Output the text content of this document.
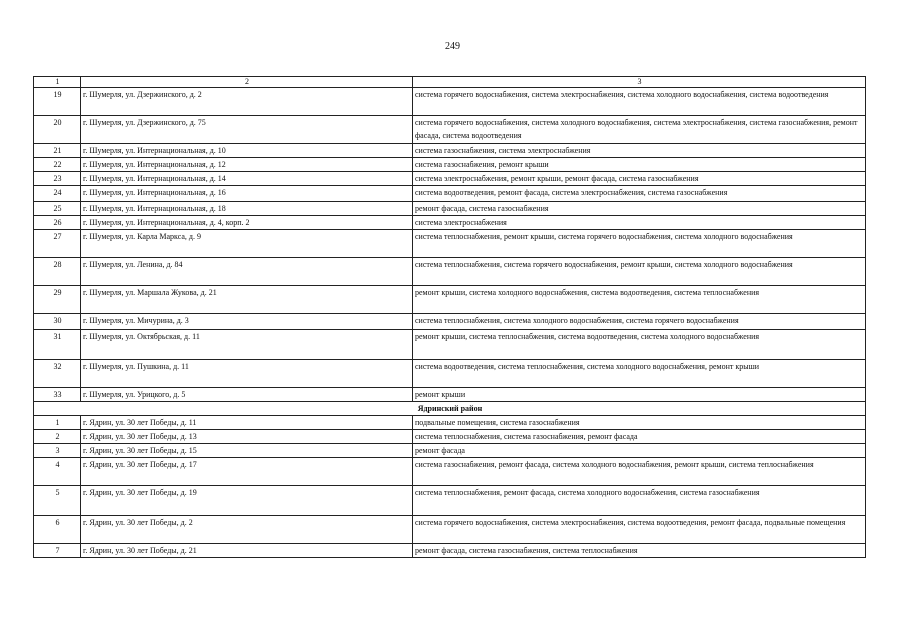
249
1	2	3
19	г. Шумерля, ул. Дзержинского, д. 2	система горячего водоснабжения, система электроснабжения, система холодного водоснабжения, система водоотведения
20	г. Шумерля, ул. Дзержинского, д. 75	система горячего водоснабжения, система холодного водоснабжения, система электроснабжения, система газоснабжения, ремонт фасада, система водоотведения
21	г. Шумерля, ул. Интернациональная, д. 10	система газоснабжения, система электроснабжения
22	г. Шумерля, ул. Интернациональная, д. 12	система газоснабжения, ремонт крыши
23	г. Шумерля, ул. Интернациональная, д. 14	система электроснабжения, ремонт крыши, ремонт фасада, система газоснабжения
24	г. Шумерля, ул. Интернациональная, д. 16	система водоотведения, ремонт фасада, система электроснабжения, система газоснабжения
25	г. Шумерля, ул. Интернациональная, д. 18	ремонт фасада, система газоснабжения
26	г. Шумерля, ул. Интернациональная, д. 4, корп. 2	система электроснабжения
27	г. Шумерля, ул. Карла Маркса, д. 9	система теплоснабжения, ремонт крыши, система горячего водоснабжения, система холодного водоснабжения
28	г. Шумерля, ул. Ленина, д. 84	система теплоснабжения, система горячего водоснабжения, ремонт крыши, система холодного водоснабжения
29	г. Шумерля, ул. Маршала Жукова, д. 21	ремонт крыши, система холодного водоснабжения, система водоотведения, система теплоснабжения
30	г. Шумерля, ул. Мичурина, д. 3	система теплоснабжения, система холодного водоснабжения, система горячего водоснабжения
31	г. Шумерля, ул. Октябрьская, д. 11	ремонт крыши, система теплоснабжения, система водоотведения, система холодного водоснабжения
32	г. Шумерля, ул. Пушкина, д. 11	система водоотведения, система теплоснабжения, система холодного водоснабжения, ремонт крыши
33	г. Шумерля, ул. Урицкого, д. 5	ремонт крыши
Ядринский район		
1	г. Ядрин, ул. 30 лет Победы, д. 11	подвальные помещения, система газоснабжения
2	г. Ядрин, ул. 30 лет Победы, д. 13	система теплоснабжения, система газоснабжения, ремонт фасада
3	г. Ядрин, ул. 30 лет Победы, д. 15	ремонт фасада
4	г. Ядрин, ул. 30 лет Победы, д. 17	система газоснабжения, ремонт фасада, система холодного водоснабжения, ремонт крыши, система теплоснабжения
5	г. Ядрин, ул. 30 лет Победы, д. 19	система теплоснабжения, ремонт фасада, система холодного водоснабжения, система газоснабжения
6	г. Ядрин, ул. 30 лет Победы, д. 2	система горячего водоснабжения, система электроснабжения, система водоотведения, ремонт фасада, подвальные помещения
7	г. Ядрин, ул. 30 лет Победы, д. 21	ремонт фасада, система газоснабжения, система теплоснабжения
